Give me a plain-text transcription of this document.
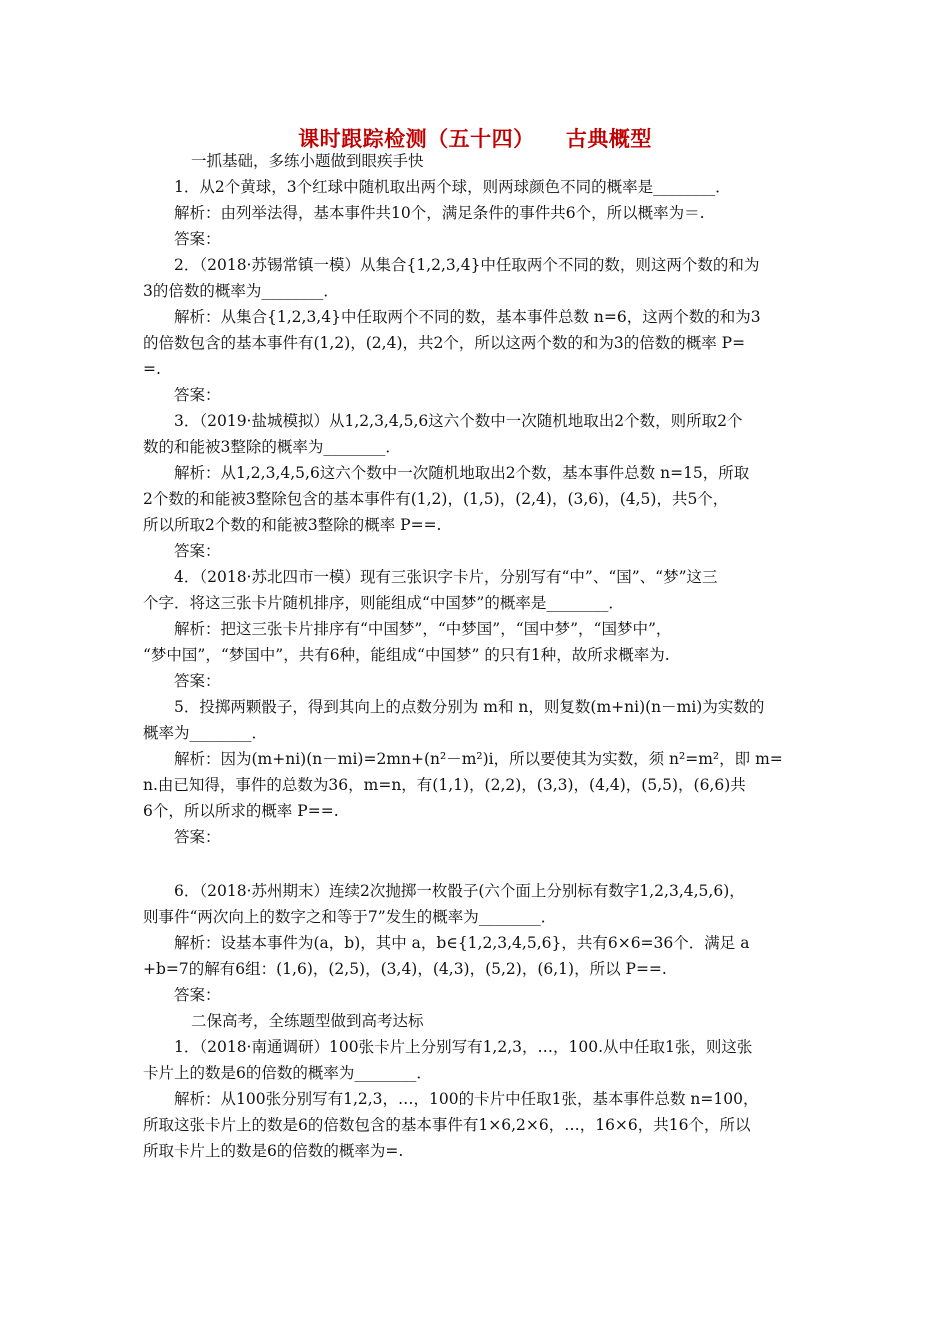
课时跟踪检测（五十四）    古典概型

一抓基础，多练小题做到眼疾手快

1．从2个黄球，3个红球中随机取出两个球，则两球颜色不同的概率是________．

解析：由列举法得，基本事件共10个，满足条件的事件共6个，所以概率为＝.

答案：

2．（2018·苏锡常镇一模）从集合{1,2,3,4}中任取两个不同的数，则这两个数的和为

3的倍数的概率为________．

解析：从集合{1,2,3,4}中任取两个不同的数，基本事件总数 n=6，这两个数的和为3

的倍数包含的基本事件有(1,2)，(2,4)，共2个，所以这两个数的和为3的倍数的概率 P=

=.

答案：

3．（2019·盐城模拟）从1,2,3,4,5,6这六个数中一次随机地取出2个数，则所取2个

数的和能被3整除的概率为________．

解析：从1,2,3,4,5,6这六个数中一次随机地取出2个数，基本事件总数 n=15，所取

2个数的和能被3整除包含的基本事件有(1,2)，(1,5)，(2,4)，(3,6)，(4,5)，共5个，

所以所取2个数的和能被3整除的概率 P==.

答案：

4．（2018·苏北四市一模）现有三张识字卡片，分别写有“中”、“国”、“梦”这三

个字．将这三张卡片随机排序，则能组成“中国梦”的概率是________．

解析：把这三张卡片排序有“中国梦”，“中梦国”，“国中梦”，“国梦中”，

“梦中国”，“梦国中”，共有6种，能组成“中国梦” 的只有1种，故所求概率为.

答案：

5．投掷两颗骰子，得到其向上的点数分别为 m和 n，则复数(m+ni)(n－mi)为实数的

概率为________．

解析：因为(m+ni)(n－mi)=2mn+(n²－m²)i，所以要使其为实数，须 n²=m²，即 m=

n.由已知得，事件的总数为36，m=n，有(1,1)，(2,2)，(3,3)，(4,4)，(5,5)，(6,6)共

6个，所以所求的概率 P==.

答案：

6．（2018·苏州期末）连续2次抛掷一枚骰子(六个面上分别标有数字1,2,3,4,5,6)，

则事件“两次向上的数字之和等于7”发生的概率为________．

解析：设基本事件为(a，b)，其中 a，b∈{1,2,3,4,5,6}，共有6×6=36个．满足 a

+b=7的解有6组：(1,6)，(2,5)，(3,4)，(4,3)，(5,2)，(6,1)，所以 P==.

答案：

二保高考，全练题型做到高考达标

1．（2018·南通调研）100张卡片上分别写有1,2,3，…，100.从中任取1张，则这张

卡片上的数是6的倍数的概率为________．

解析：从100张分别写有1,2,3，…，100的卡片中任取1张，基本事件总数 n=100，

所取这张卡片上的数是6的倍数包含的基本事件有1×6,2×6，…，16×6，共16个，所以

所取卡片上的数是6的倍数的概率为=.
